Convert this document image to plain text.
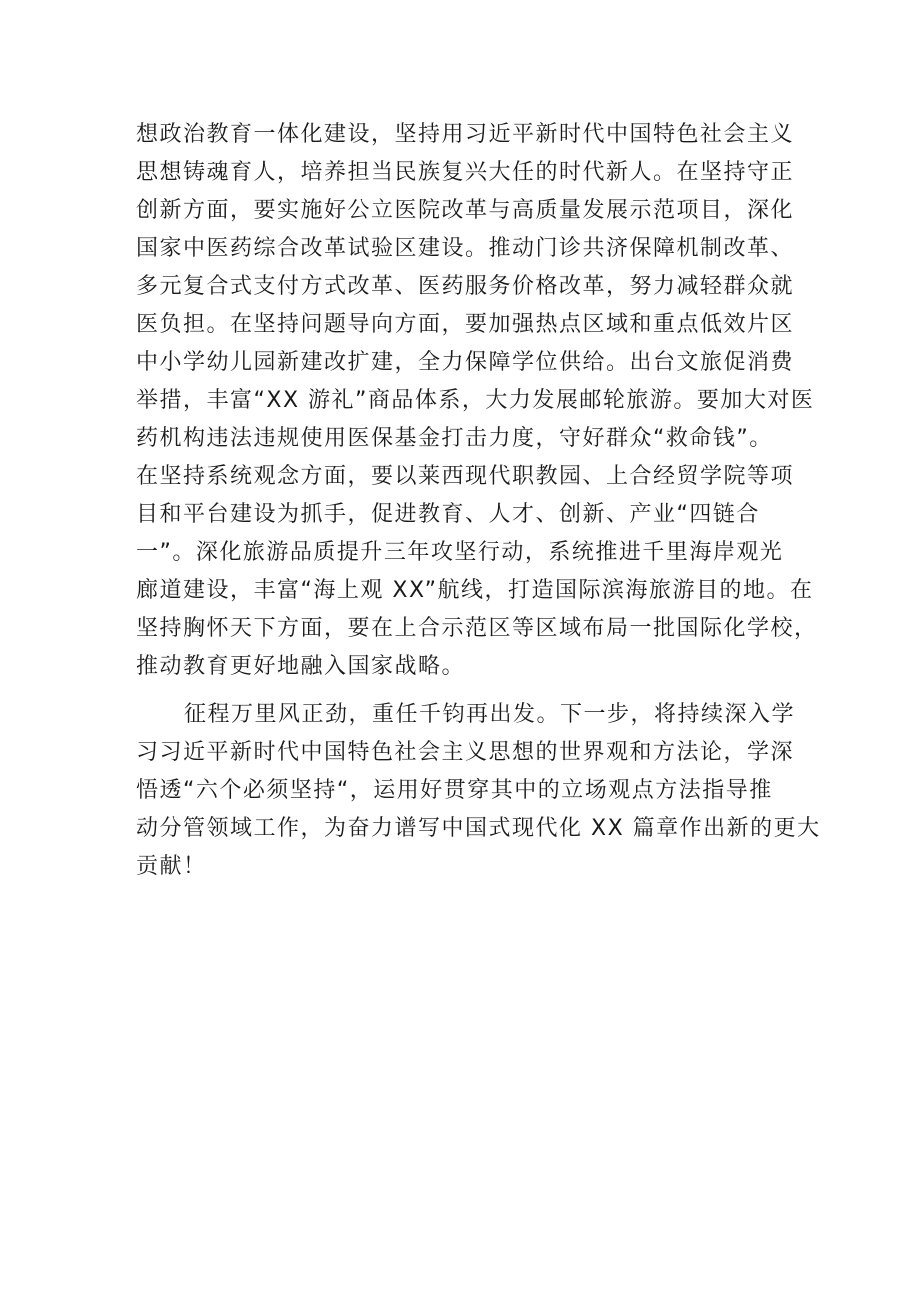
想政治教育一体化建设，坚持用习近平新时代中国特色社会主义
思想铸魂育人，培养担当民族复兴大任的时代新人。在坚持守正
创新方面，要实施好公立医院改革与高质量发展示范项目，深化
国家中医药综合改革试验区建设。推动门诊共济保障机制改革、
多元复合式支付方式改革、医药服务价格改革，努力减轻群众就
医负担。在坚持问题导向方面，要加强热点区域和重点低效片区
中小学幼儿园新建改扩建，全力保障学位供给。出台文旅促消费
举措，丰富“XX 游礼”商品体系，大力发展邮轮旅游。要加大对医
药机构违法违规使用医保基金打击力度，守好群众“救命钱”。
在坚持系统观念方面，要以莱西现代职教园、上合经贸学院等项
目和平台建设为抓手，促进教育、人才、创新、产业“四链合
一”。深化旅游品质提升三年攻坚行动，系统推进千里海岸观光
廊道建设，丰富“海上观 XX”航线，打造国际滨海旅游目的地。在
坚持胸怀天下方面，要在上合示范区等区域布局一批国际化学校，
推动教育更好地融入国家战略。
征程万里风正劲，重任千钧再出发。下一步，将持续深入学
习习近平新时代中国特色社会主义思想的世界观和方法论，学深
悟透“六个必须坚持“，运用好贯穿其中的立场观点方法指导推
动分管领域工作，为奋力谱写中国式现代化 XX 篇章作出新的更大
贡献！
